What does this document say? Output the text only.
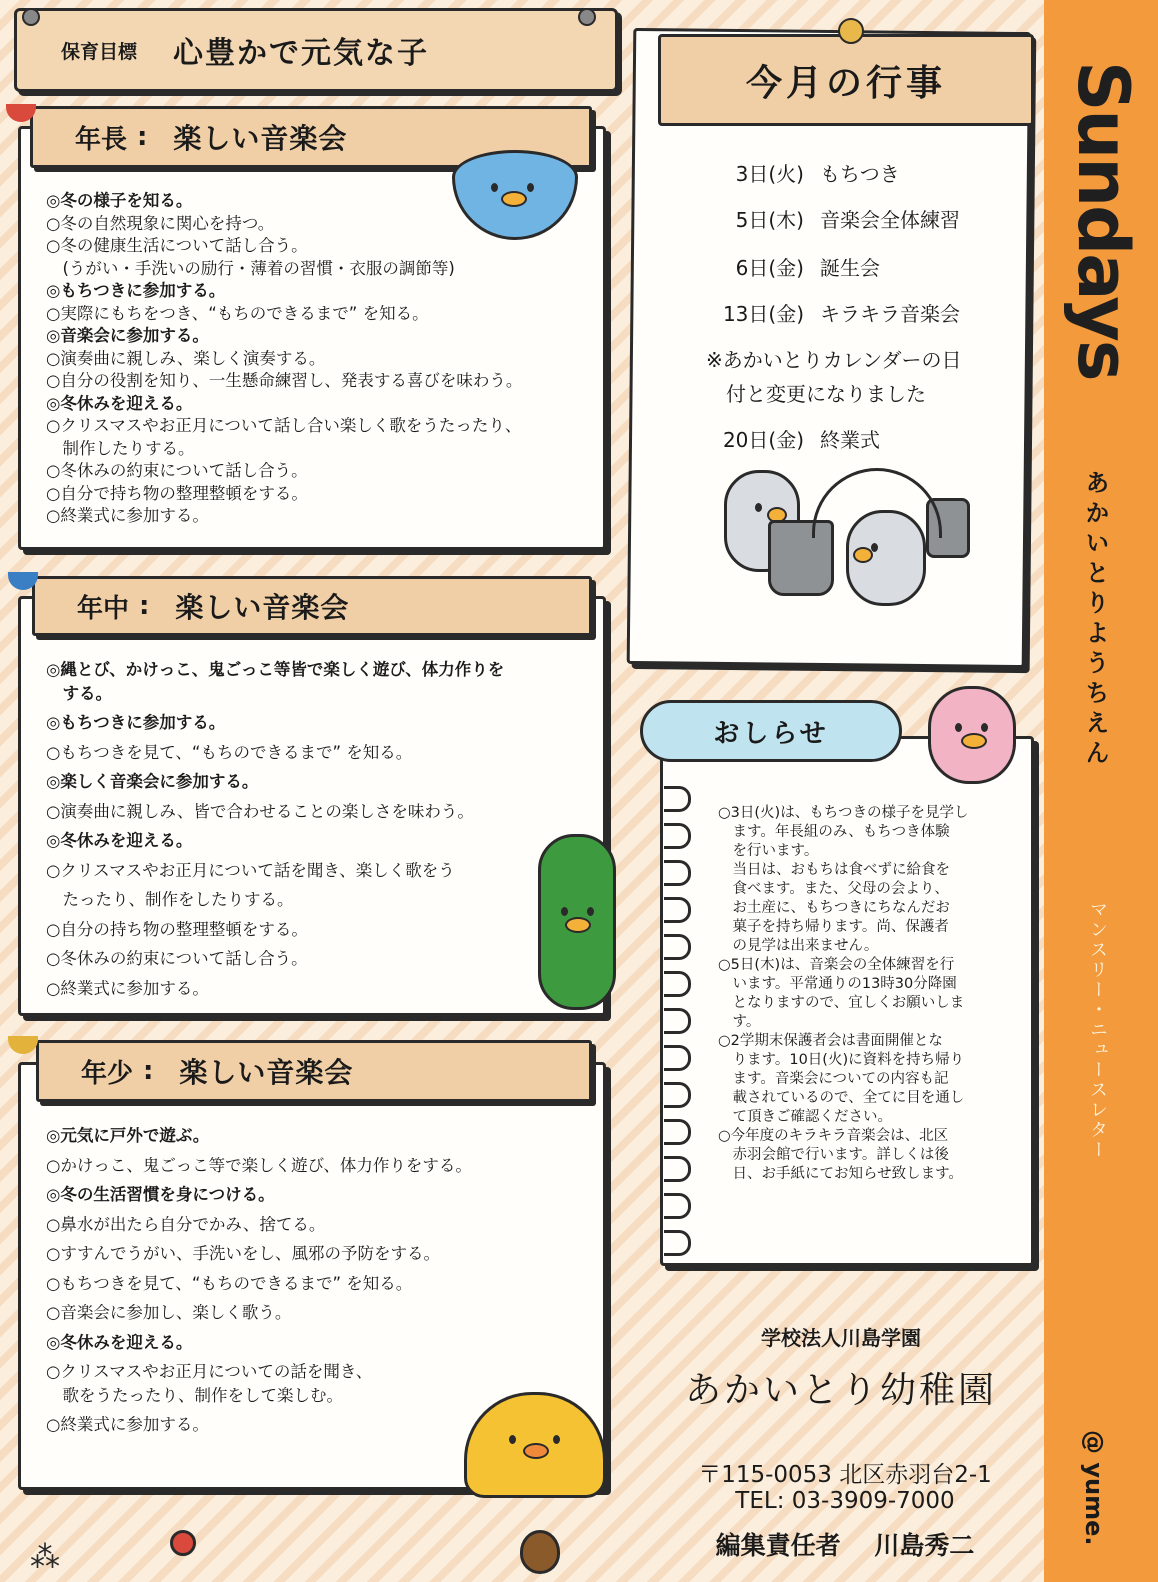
Sundays
あかいとりようちえん
マンスリー・ニュースレター
@ yume.
保育目標 心豊かで元気な子
年長 : 楽しい音楽会
◎冬の様子を知る。
○冬の自然現象に関心を持つ。
○冬の健康生活について話し合う。
　(うがい・手洗いの励行・薄着の習慣・衣服の調節等)
◎もちつきに参加する。
○実際にもちをつき、“もちのできるまで” を知る。
◎音楽会に参加する。
○演奏曲に親しみ、楽しく演奏する。
○自分の役割を知り、一生懸命練習し、発表する喜びを味わう。
◎冬休みを迎える。
○クリスマスやお正月について話し合い楽しく歌をうたったり、
　制作したりする。
○冬休みの約束について話し合う。
○自分で持ち物の整理整頓をする。
○終業式に参加する。
年中 : 楽しい音楽会
◎縄とび、かけっこ、鬼ごっこ等皆で楽しく遊び、体力作りを
　する。
◎もちつきに参加する。
○もちつきを見て、“もちのできるまで” を知る。
◎楽しく音楽会に参加する。
○演奏曲に親しみ、皆で合わせることの楽しさを味わう。
◎冬休みを迎える。
○クリスマスやお正月について話を聞き、楽しく歌をう
　たったり、制作をしたりする。
○自分の持ち物の整理整頓をする。
○冬休みの約束について話し合う。
○終業式に参加する。
年少 : 楽しい音楽会
◎元気に戸外で遊ぶ。
○かけっこ、鬼ごっこ等で楽しく遊び、体力作りをする。
◎冬の生活習慣を身につける。
○鼻水が出たら自分でかみ、捨てる。
○すすんでうがい、手洗いをし、風邪の予防をする。
○もちつきを見て、“もちのできるまで” を知る。
○音楽会に参加し、楽しく歌う。
◎冬休みを迎える。
○クリスマスやお正月についての話を聞き、
　歌をうたったり、制作をして楽しむ。
○終業式に参加する。
今月の行事
3日(火) もちつき
5日(木) 音楽会全体練習
6日(金) 誕生会
13日(金) キラキラ音楽会
※あかいとりカレンダーの日
　付と変更になりました
20日(金) 終業式
おしらせ
○3日(火)は、もちつきの様子を見学し
　ます。年長組のみ、もちつき体験
　を行います。
　当日は、おもちは食べずに給食を
　食べます。また、父母の会より、
　お土産に、もちつきにちなんだお
　菓子を持ち帰ります。尚、保護者
　の見学は出来ません。
○5日(木)は、音楽会の全体練習を行
　います。平常通りの13時30分降園
　となりますので、宜しくお願いしま
　す。
○2学期末保護者会は書面開催とな
　ります。10日(火)に資料を持ち帰り
　ます。音楽会についての内容も記
　載されているので、全てに目を通し
　て頂きご確認ください。
○今年度のキラキラ音楽会は、北区
　赤羽会館で行います。詳しくは後
　日、お手紙にてお知らせ致します。
学校法人川島学園
あかいとり幼稚園
〒115-0053 北区赤羽台2-1
TEL: 03-3909-7000
編集責任者　 川島秀二
⁂
